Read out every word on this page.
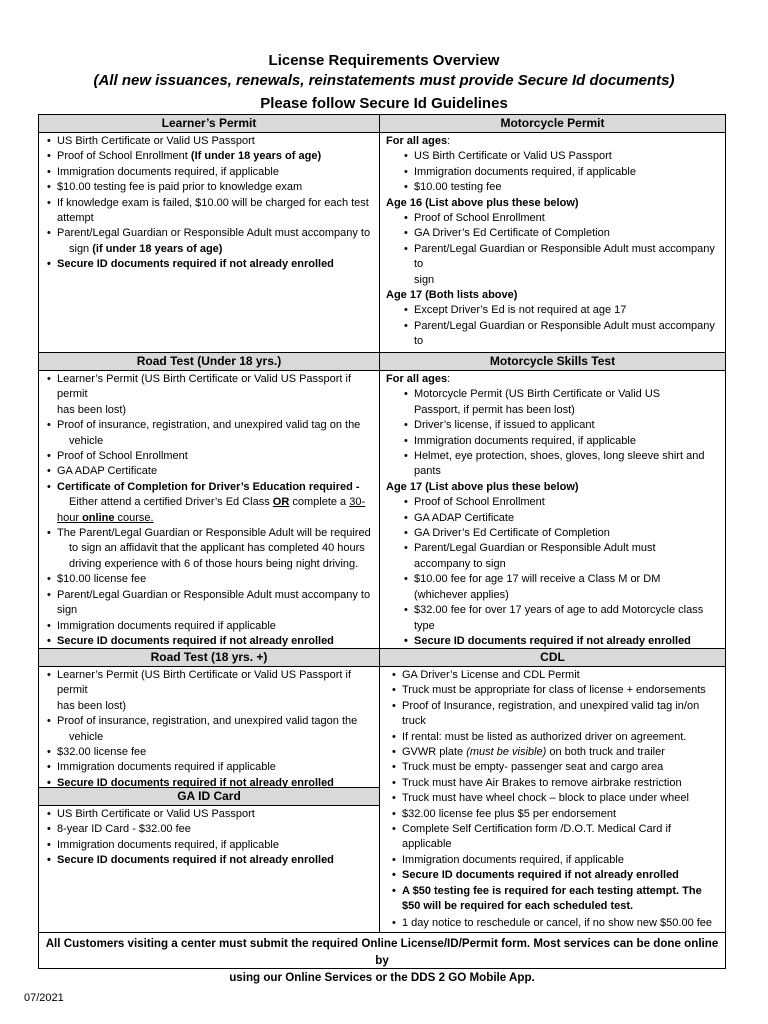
License Requirements Overview
(All new issuances, renewals, reinstatements must provide Secure Id documents)
Please follow Secure Id Guidelines
Learner’s Permit
• US Birth Certificate or Valid US Passport
• Proof of School Enrollment (If under 18 years of age)
• Immigration documents required, if applicable
• $10.00 testing fee is paid prior to knowledge exam
• If knowledge exam is failed, $10.00 will be charged for each test
attempt
• Parent/Legal Guardian or Responsible Adult must accompany to
sign (if under 18 years of age)
• Secure ID documents required if not already enrolled
Motorcycle Permit
For all ages:
• US Birth Certificate or Valid US Passport
• Immigration documents required, if applicable
• $10.00 testing fee
Age 16 (List above plus these below)
• Proof of School Enrollment
• GA Driver’s Ed Certificate of Completion
• Parent/Legal Guardian or Responsible Adult must accompany to
sign
Age 17 (Both lists above)
• Except Driver’s Ed is not required at age 17
• Parent/Legal Guardian or Responsible Adult must accompany to

Road Test (Under 18 yrs.)
• Learner’s Permit (US Birth Certificate or Valid US Passport if permit
has been lost)
• Proof of insurance, registration, and unexpired valid tag on the
vehicle
• Proof of School Enrollment
• GA ADAP Certificate
• Certificate of Completion for Driver’s Education required -
Either attend a certified Driver’s Ed Class OR complete a 30-
hour online course.
• The Parent/Legal Guardian or Responsible Adult will be required
to sign an affidavit that the applicant has completed 40 hours
driving experience with 6 of those hours being night driving.
• $10.00 license fee
• Parent/Legal Guardian or Responsible Adult must accompany to
sign
• Immigration documents required if applicable
• Secure ID documents required if not already enrolled
Motorcycle Skills Test
For all ages:
• Motorcycle Permit (US Birth Certificate or Valid US
Passport, if permit has been lost)
• Driver’s license, if issued to applicant
• Immigration documents required, if applicable
• Helmet, eye protection, shoes, gloves, long sleeve shirt and
pants
Age 17 (List above plus these below)
• Proof of School Enrollment
• GA ADAP Certificate
• GA Driver’s Ed Certificate of Completion
• Parent/Legal Guardian or Responsible Adult must
accompany to sign
• $10.00 fee for age 17 will receive a Class M or DM
(whichever applies)
• $32.00 fee for over 17 years of age to add Motorcycle class
type
• Secure ID documents required if not already enrolled
Road Test (18 yrs. +)
• Learner’s Permit (US Birth Certificate or Valid US Passport if permit
has been lost)
• Proof of insurance, registration, and unexpired valid tagon the
vehicle
• $32.00 license fee
• Immigration documents required if applicable
• Secure ID documents required if not already enrolled
GA ID Card
• US Birth Certificate or Valid US Passport
• 8-year ID Card - $32.00 fee
• Immigration documents required, if applicable
• Secure ID documents required if not already enrolled
CDL
• GA Driver’s License and CDL Permit
• Truck must be appropriate for class of license + endorsements
• Proof of Insurance, registration, and unexpired valid tag in/on truck
• If rental: must be listed as authorized driver on agreement.
• GVWR plate (must be visible) on both truck and trailer
• Truck must be empty- passenger seat and cargo area
• Truck must have Air Brakes to remove airbrake restriction
• Truck must have wheel chock – block to place under wheel
• $32.00 license fee plus $5 per endorsement
• Complete Self Certification form /D.O.T. Medical Card if applicable
• Immigration documents required, if applicable
• Secure ID documents required if not already enrolled
• A $50 testing fee is required for each testing attempt. The
$50 will be required for each scheduled test.
• 1 day notice to reschedule or cancel, if no show new $50.00 fee

All Customers visiting a center must submit the required Online License/ID/Permit form. Most services can be done online by
using our Online Services or the DDS 2 GO Mobile App.
07/2021
